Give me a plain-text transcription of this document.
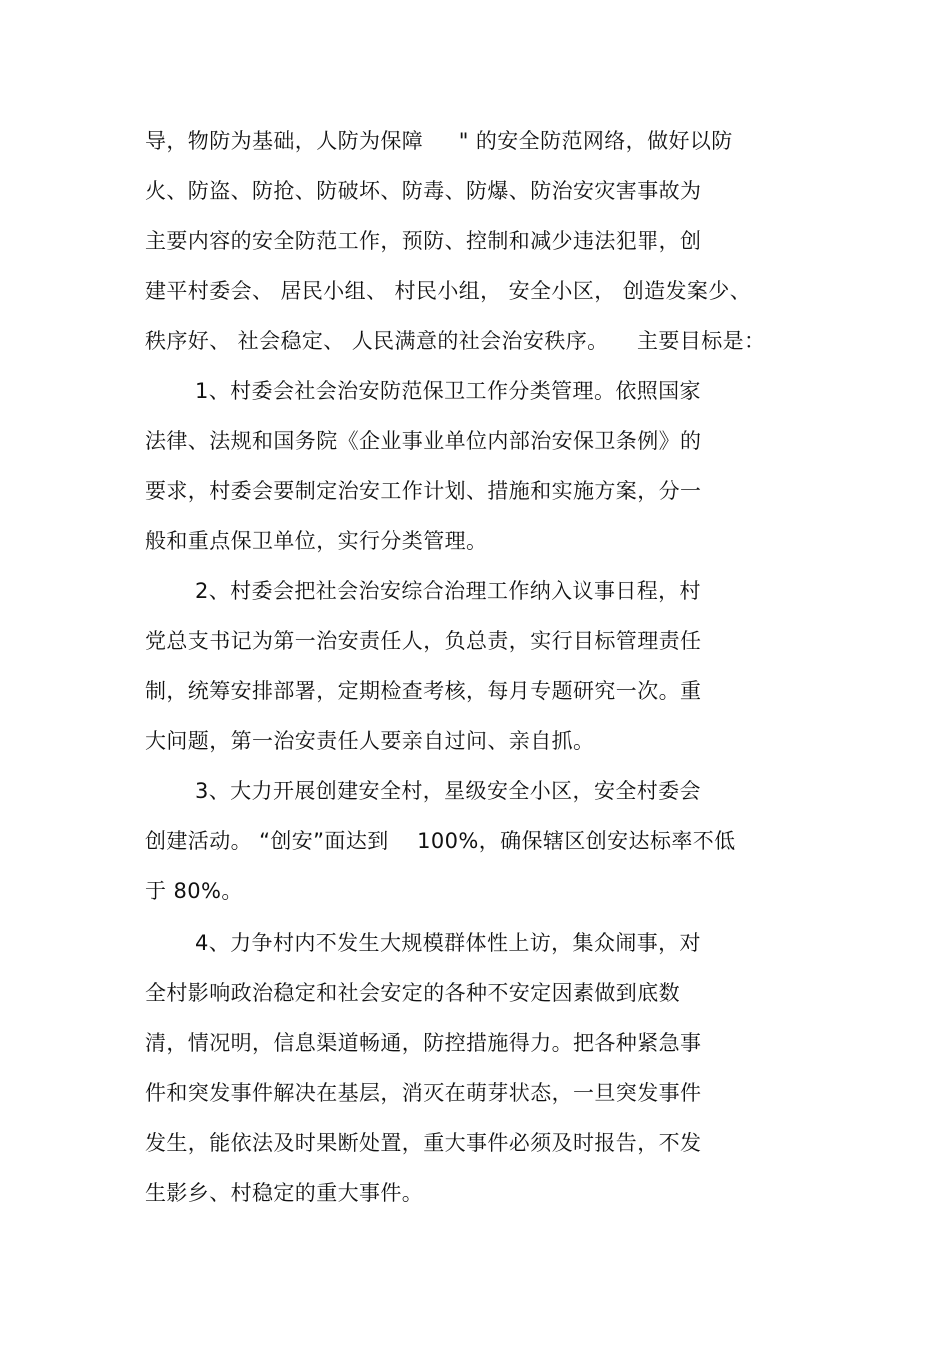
导，物防为基础，人防为保障 　 " 的安全防范网络，做好以防
火、防盗、防抢、防破坏、防毒、防爆、防治安灾害事故为
主要内容的安全防范工作，预防、控制和减少违法犯罪，创
建平村委会、 居民小组、 村民小组， 安全小区， 创造发案少、
秩序好、 社会稳定、 人民满意的社会治安秩序。 　主要目标是：
1、村委会社会治安防范保卫工作分类管理。依照国家
法律、法规和国务院《企业事业单位内部治安保卫条例》的
要求，村委会要制定治安工作计划、措施和实施方案，分一
般和重点保卫单位，实行分类管理。
2、村委会把社会治安综合治理工作纳入议事日程，村
党总支书记为第一治安责任人，负总责，实行目标管理责任
制，统筹安排部署，定期检查考核，每月专题研究一次。重
大问题，第一治安责任人要亲自过问、亲自抓。
3、大力开展创建安全村，星级安全小区，安全村委会
创建活动。 “创安”面达到 　100%，确保辖区创安达标率不低
于 80%。
4、力争村内不发生大规模群体性上访，集众闹事，对
全村影响政治稳定和社会安定的各种不安定因素做到底数
清，情况明，信息渠道畅通，防控措施得力。把各种紧急事
件和突发事件解决在基层，消灭在萌芽状态，一旦突发事件
发生，能依法及时果断处置，重大事件必须及时报告，不发
生影乡、村稳定的重大事件。
